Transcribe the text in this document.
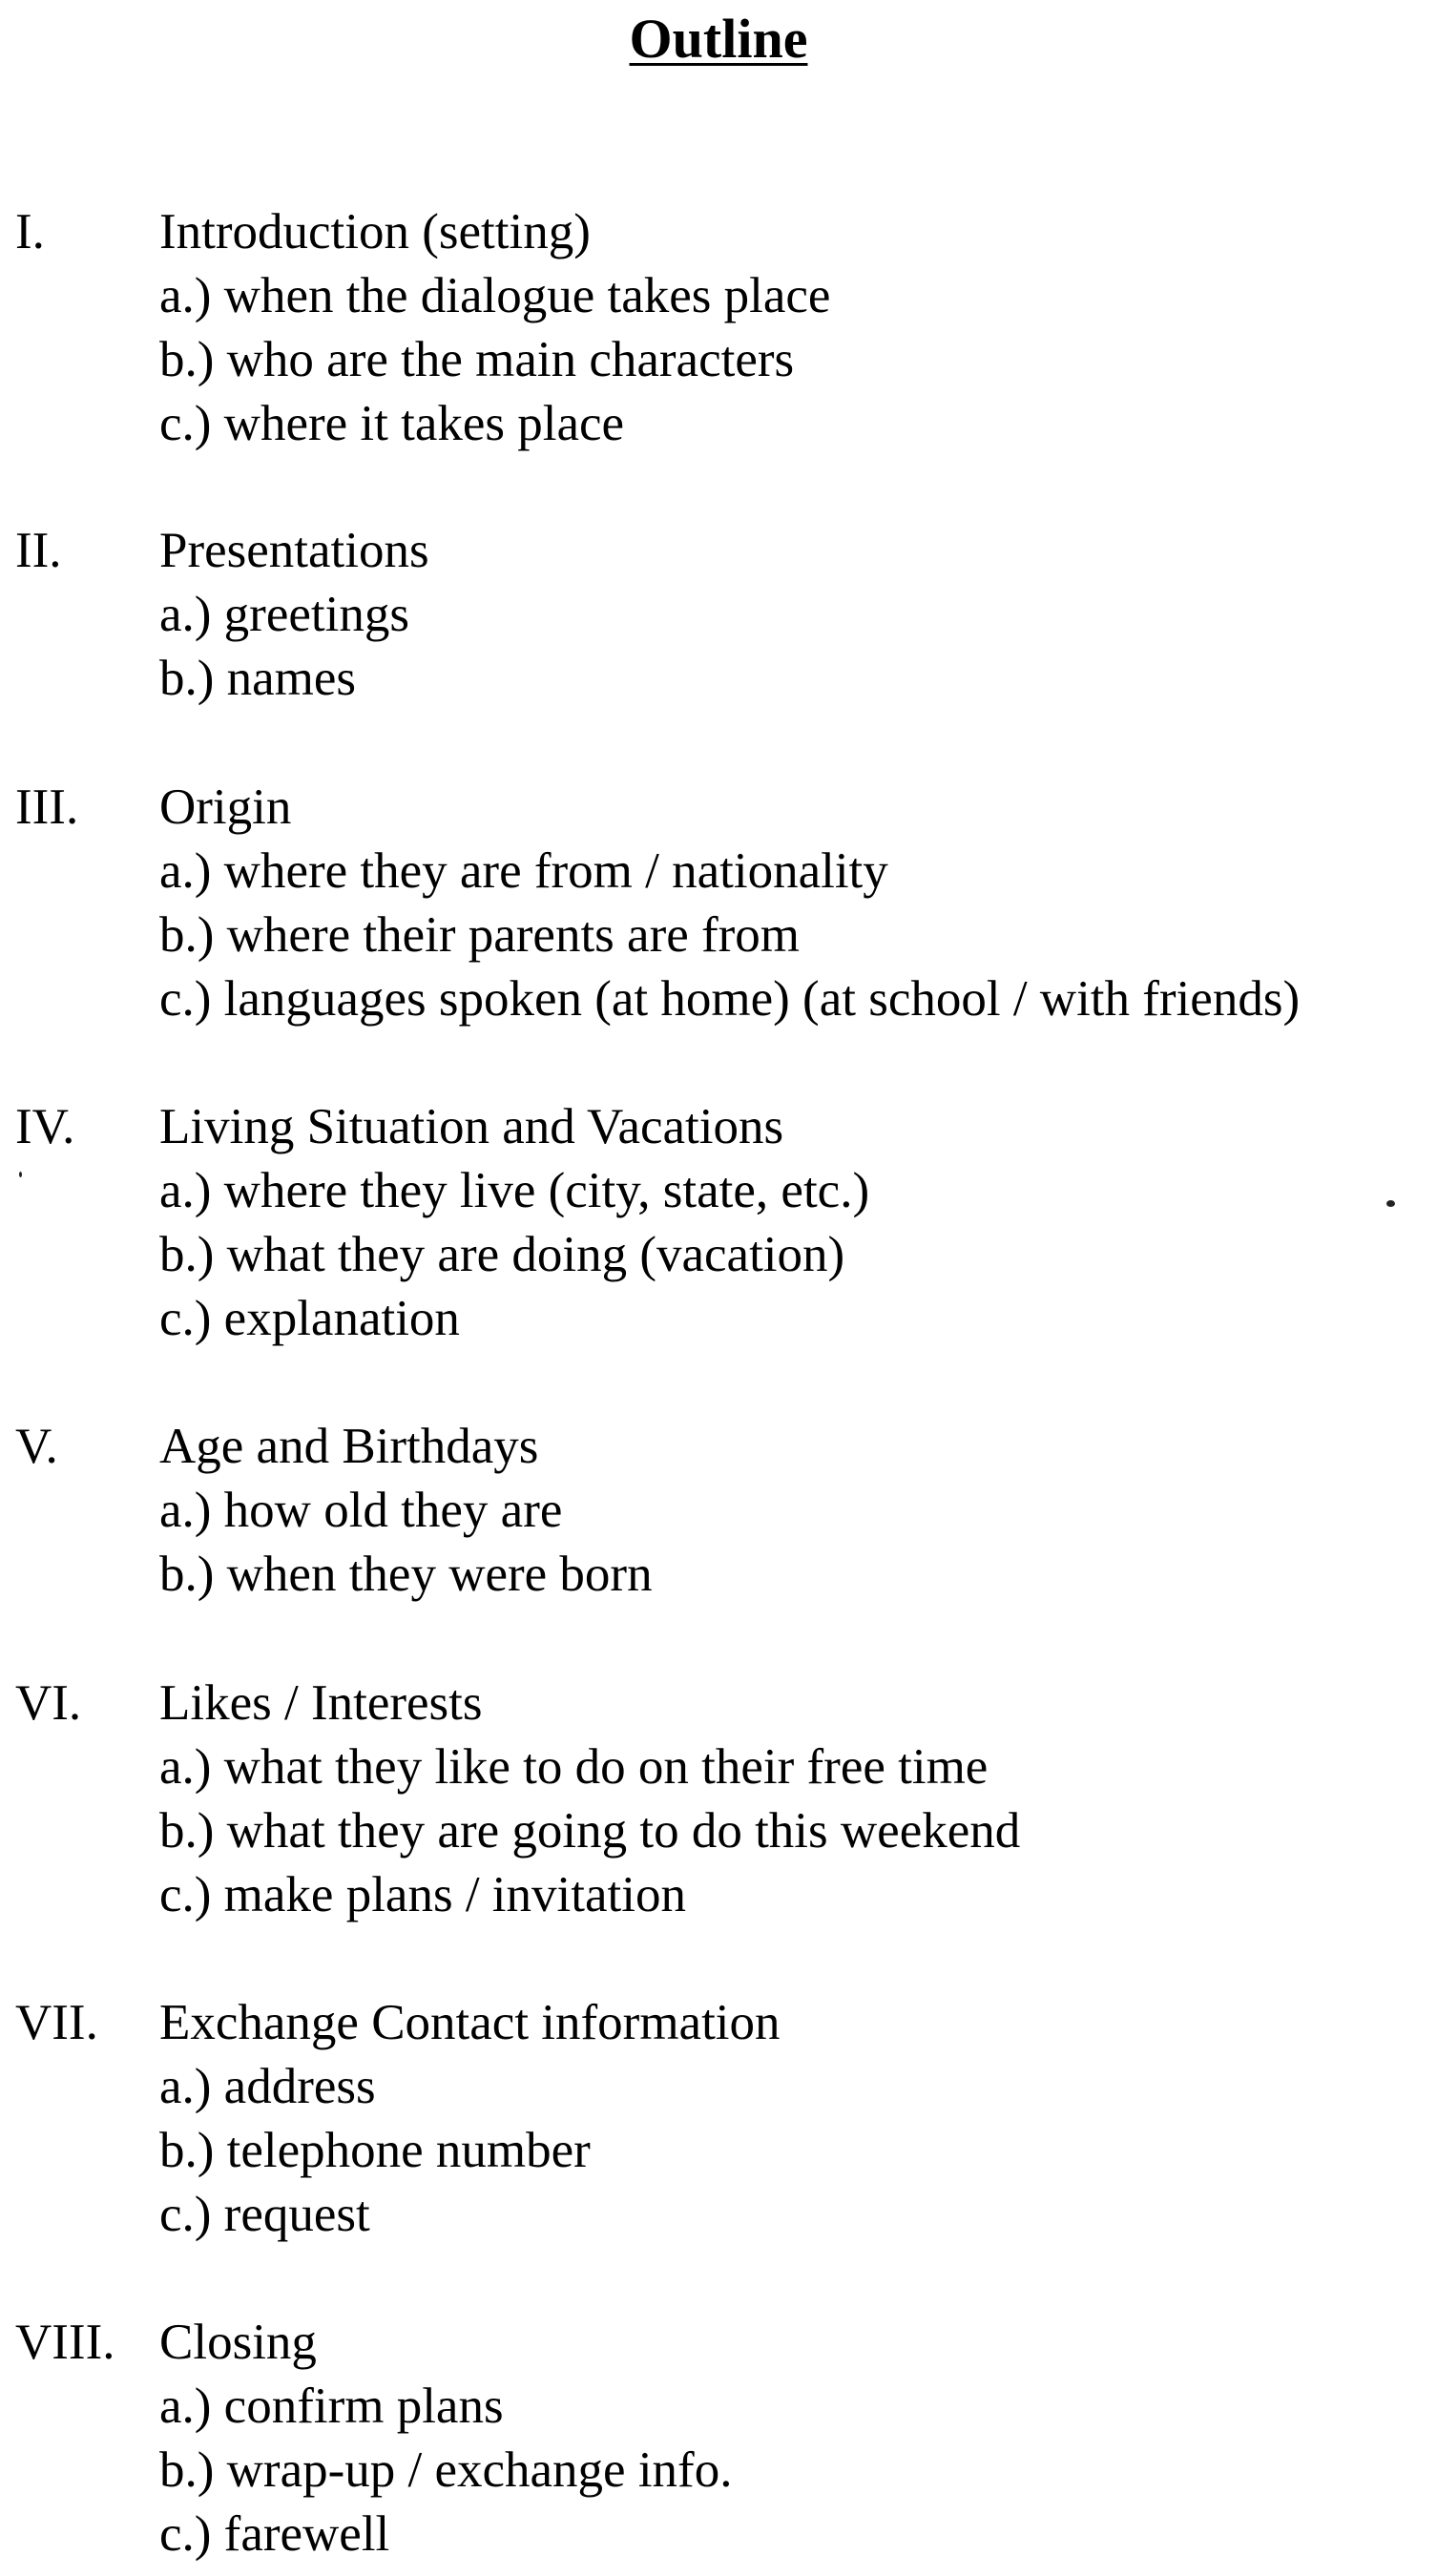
Outline
I. Introduction (setting)
a.) when the dialogue takes place
b.) who are the main characters
c.) where it takes place
II. Presentations
a.) greetings
b.) names
III. Origin
a.) where they are from / nationality
b.) where their parents are from
c.) languages spoken (at home) (at school / with friends)
IV. Living Situation and Vacations
a.) where they live (city, state, etc.)
b.) what they are doing (vacation)
c.) explanation
V. Age and Birthdays
a.) how old they are
b.) when they were born
VI. Likes / Interests
a.) what they like to do on their free time
b.) what they are going to do this weekend
c.) make plans / invitation
VII. Exchange Contact information
a.) address
b.) telephone number
c.) request
VIII. Closing
a.) confirm plans
b.) wrap-up / exchange info.
c.) farewell
